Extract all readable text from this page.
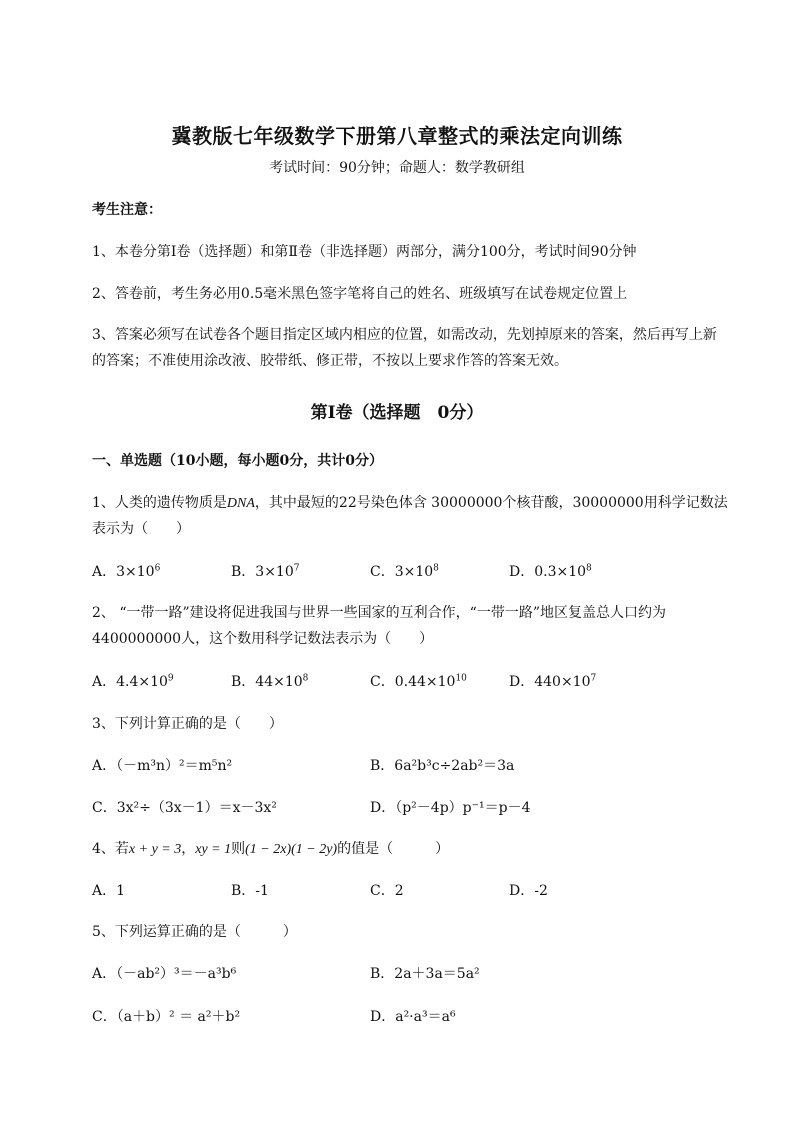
冀教版七年级数学下册第八章整式的乘法定向训练
考试时间：90分钟；命题人：数学教研组
考生注意：
1、本卷分第Ⅰ卷（选择题）和第Ⅱ卷（非选择题）两部分，满分100分，考试时间90分钟
2、答卷前，考生务必用0.5毫米黑色签字笔将自己的姓名、班级填写在试卷规定位置上
3、答案必须写在试卷各个题目指定区域内相应的位置，如需改动，先划掉原来的答案，然后再写上新
的答案；不准使用涂改液、胶带纸、修正带，不按以上要求作答的答案无效。
第Ⅰ卷（选择题　0分）
一、单选题（10小题，每小题0分，共计0分）
1、人类的遗传物质是DNA，其中最短的22号染色体含 30000000个核苷酸，30000000用科学记数法
表示为（　　）
A．$3\times 10^6$	B．$3\times 10^7$	C．$3\times 10^8$	D．$0.3\times 10^8$
2、 “一带一路”建设将促进我国与世界一些国家的互利合作，“一带一路”地区复盖总人口约为
4400000000人，这个数用科学记数法表示为（　　）
A．$4.4\times 10^9$	B．$44\times 10^8$	C．$0.44\times 10^{10}$	D．$440\times 10^7$
3、下列计算正确的是（　　）
A．（－m³n）²＝m⁵n²	B．6a²b³c÷2ab²＝3a
C．3x²÷（3x－1）＝x－3x²	D．（p²－4p）p⁻¹＝p－4
4、若x + y = 3，xy = 1则(1 − 2x)(1 − 2y)的值是（　　　）
A．1	B．-1	C．2	D．-2
5、下列运算正确的是（　　　）
A．（－ab²）³＝－a³b⁶	B．2a＋3a＝5a²
C．（a＋b）² ＝ a²＋b²	D．a²·a³＝a⁶
